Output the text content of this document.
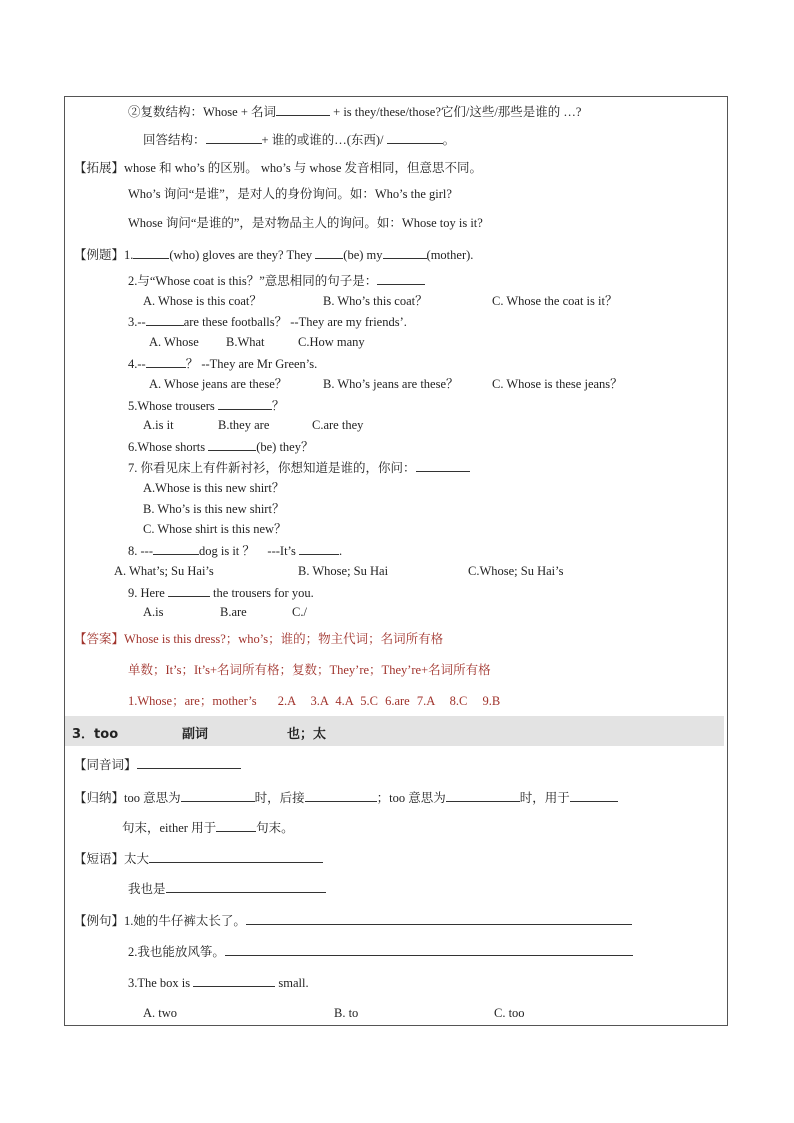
②复数结构：Whose + 名词	+ is they/these/those?它们/这些/那些是谁的 …?
回答结构：	+ 谁的或谁的…(东西)/	。
【拓展】whose 和 who’s 的区别。 who’s 与 whose 发音相同，但意思不同。
Who’s 询问“是谁”，是对人的身份询问。如：Who’s the girl?
Whose 询问“是谁的”，是对物品主人的询问。如：Whose toy is it?
【例题】1.	(who) gloves are they? They (be) my	(mother).
2.与“Whose coat is this？”意思相同的句子是：
A. Whose is this coat？	B. Who’s this coat？	C. Whose the coat is it？
3.--	are these footballs？ --They are my friends’.
A. Whose B.What	C.How many
4.--	？ --They are Mr Green’s.
A. Whose jeans are these？	B. Who’s jeans are these？	C. Whose is these jeans？
5.Whose trousers	？
A.is it	B.they are	C.are they
6.Whose shorts	(be) they？
7. 你看见床上有件新衬衫，你想知道是谁的，你问：
A.Whose is this new shirt？
B. Who’s is this new shirt？
C. Whose shirt is this new？
8. ---	dog is it ？ ---It’s	.
A. What’s; Su Hai’s	B. Whose; Su Hai	C.Whose; Su Hai’s
9. Here	the trousers for you.
A.is	B.are	C./
【答案】Whose is this dress?；who’s；谁的；物主代词；名词所有格
单数；It’s；It’s+名词所有格；复数；They’re；They’re+名词所有格
1.Whose；are；mother’s 2.A 3.A 4.A 5.C 6.are 7.A 8.C 9.B
3．too	副词	也；太
【同音词】
【归纳】too 意思为	时，后接	；too 意思为	时，用于
句末，either 用于	句末。
【短语】太大
我也是
【例句】1.她的牛仔裤太长了。
2.我也能放风筝。
3.The box is	small.
A. two	B. to	C. too
